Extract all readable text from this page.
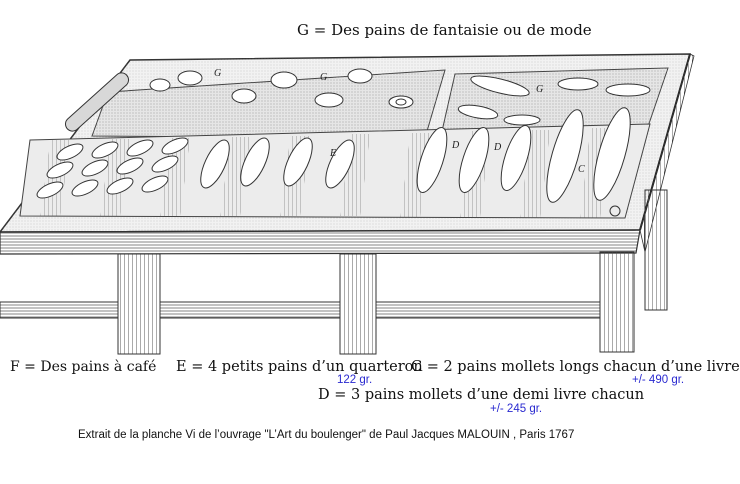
G = Des pains de fantaisie ou de mode
G	G
G
E
D	D
C
F = Des pains à café E = 4 petits pains d’un quarteron
122 gr.
C = 2 pains mollets longs chacun d’une livre
+/- 490 gr.
D = 3 pains mollets d’une demi livre chacun
+/- 245 gr.
Extrait de la planche Vi de l’ouvrage "L’Art du boulenger" de Paul Jacques MALOUIN , Paris 1767
